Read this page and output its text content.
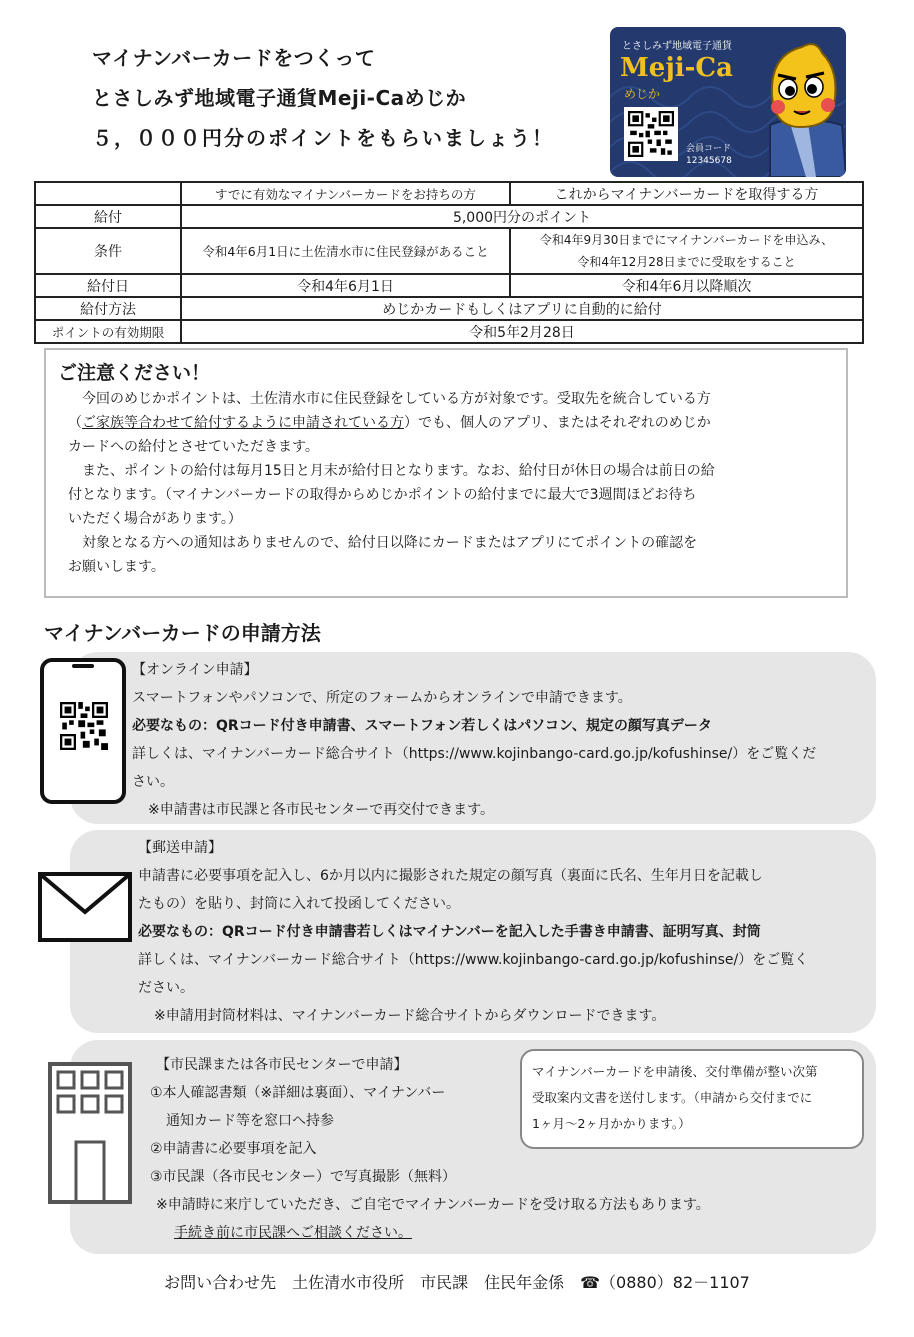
マイナンバーカードをつくって
とさしみず地域電子通貨Meji-Caめじか
５，０００円分のポイントをもらいましょう！
とさしみず地域電子通貨
Meji-Ca
めじか
会員コード
12345678
	すでに有効なマイナンバーカードをお持ちの方	これからマイナンバーカードを取得する方
給付	5,000円分のポイント	
条件	令和4年6月1日に土佐清水市に住民登録があること	令和4年9月30日までにマイナンバーカードを申込み、
令和4年12月28日までに受取をすること

給付日	令和4年6月1日	令和4年6月以降順次
給付方法	めじかカードもしくはアプリに自動的に給付	
ポイントの有効期限	令和5年2月28日	
ご注意ください！

　今回のめじかポイントは、土佐清水市に住民登録をしている方が対象です。受取先を統合している方

（ご家族等合わせて給付するように申請されている方）でも、個人のアプリ、またはそれぞれのめじか

カードへの給付とさせていただきます。

　また、ポイントの給付は毎月15日と月末が給付日となります。なお、給付日が休日の場合は前日の給

付となります。（マイナンバーカードの取得からめじかポイントの給付までに最大で3週間ほどお待ち

いただく場合があります。）

　対象となる方への通知はありませんので、給付日以降にカードまたはアプリにてポイントの確認を

お願いします。

マイナンバーカードの申請方法
【オンライン申請】
スマートフォンやパソコンで、所定のフォームからオンラインで申請できます。
必要なもの：QRコード付き申請書、スマートフォン若しくはパソコン、規定の顔写真データ
詳しくは、マイナンバーカード総合サイト（https://www.kojinbango-card.go.jp/kofushinse/）をご覧くだ
さい。
※申請書は市民課と各市民センターで再交付できます。
【郵送申請】
申請書に必要事項を記入し、6か月以内に撮影された規定の顔写真（裏面に氏名、生年月日を記載し
たもの）を貼り、封筒に入れて投函してください。
必要なもの：QRコード付き申請書若しくはマイナンバーを記入した手書き申請書、証明写真、封筒
詳しくは、マイナンバーカード総合サイト（https://www.kojinbango-card.go.jp/kofushinse/）をご覧く
ださい。
※申請用封筒材料は、マイナンバーカード総合サイトからダウンロードできます。
【市民課または各市民センターで申請】
①本人確認書類（※詳細は裏面）、マイナンバー
通知カード等を窓口へ持参
②申請書に必要事項を記入
③市民課（各市民センター）で写真撮影（無料）
※申請時に来庁していただき、ご自宅でマイナンバーカードを受け取る方法もあります。
手続き前に市民課へご相談ください。
マイナンバーカードを申請後、交付準備が整い次第
受取案内文書を送付します。（申請から交付までに
1ヶ月～2ヶ月かかります。）
お問い合わせ先　土佐清水市役所　市民課　住民年金係　☎（0880）82－1107
